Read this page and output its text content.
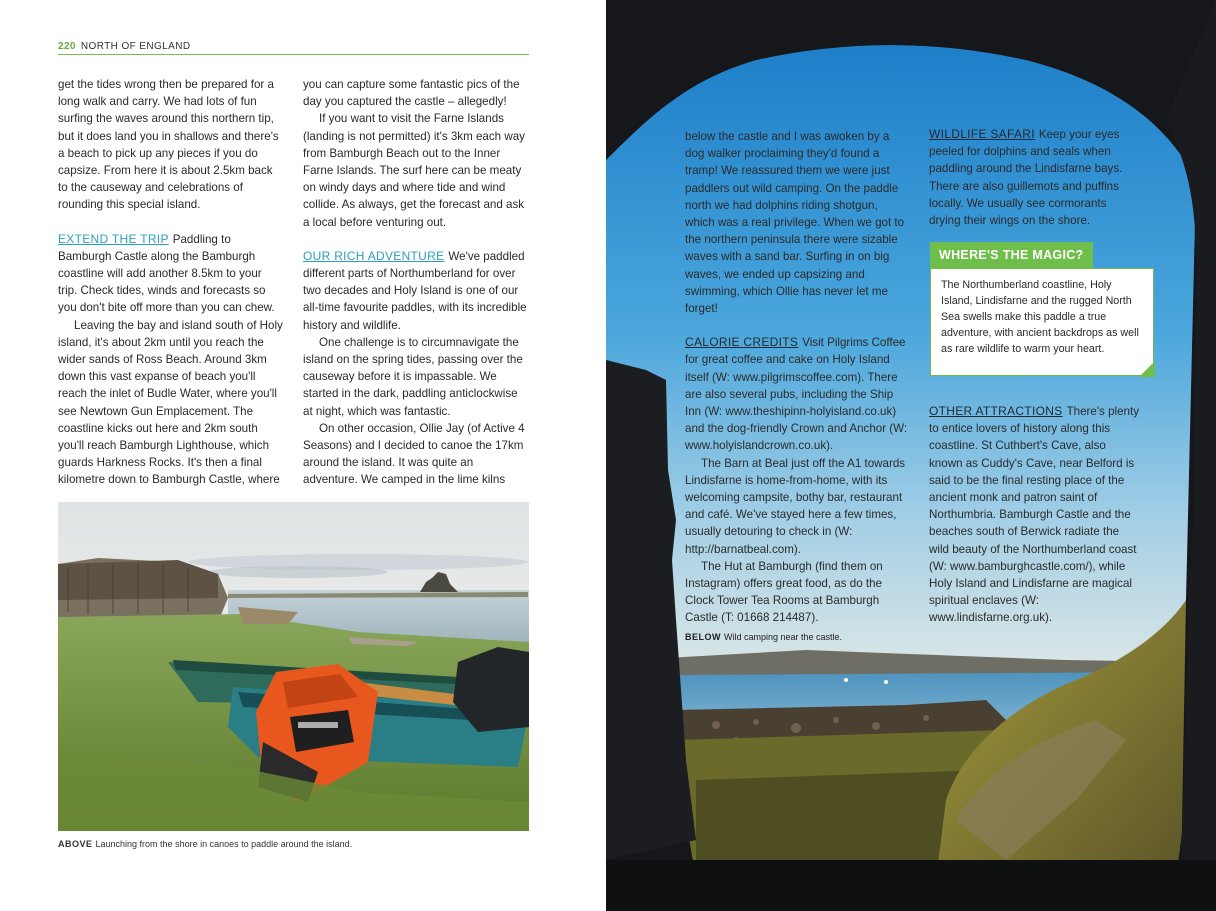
220 NORTH OF ENGLAND

get the tides wrong then be prepared for a long walk and carry. We had lots of fun surfing the waves around this northern tip, but it does land you in shallows and there's a beach to pick up any pieces if you do capsize. From here it is about 2.5km back to the causeway and celebrations of rounding this special island.

EXTEND THE TRIP Paddling to Bamburgh Castle along the Bamburgh coastline will add another 8.5km to your trip. Check tides, winds and forecasts so you don't bite off more than you can chew.

Leaving the bay and island south of Holy island, it's about 2km until you reach the wider sands of Ross Beach. Around 3km down this vast expanse of beach you'll reach the inlet of Budle Water, where you'll see Newtown Gun Emplacement. The coastline kicks out here and 2km south you'll reach Bamburgh Lighthouse, which guards Harkness Rocks. It's then a final kilometre down to Bamburgh Castle, where

you can capture some fantastic pics of the day you captured the castle – allegedly!

If you want to visit the Farne Islands (landing is not permitted) it's 3km each way from Bamburgh Beach out to the Inner Farne Islands. The surf here can be meaty on windy days and where tide and wind collide. As always, get the forecast and ask a local before venturing out.

OUR RICH ADVENTURE We've paddled different parts of Northumberland for over two decades and Holy Island is one of our all-time favourite paddles, with its incredible history and wildlife.

One challenge is to circumnavigate the island on the spring tides, passing over the causeway before it is impassable. We started in the dark, paddling anticlockwise at night, which was fantastic.

On other occasion, Ollie Jay (of Active 4 Seasons) and I decided to canoe the 17km around the island. It was quite an adventure. We camped in the lime kilns

ABOVE Launching from the shore in canoes to paddle around the island.

below the castle and I was awoken by a dog walker proclaiming they'd found a tramp! We reassured them we were just paddlers out wild camping. On the paddle north we had dolphins riding shotgun, which was a real privilege. When we got to the northern peninsula there were sizable waves with a sand bar. Surfing in on big waves, we ended up capsizing and swimming, which Ollie has never let me forget!

CALORIE CREDITS Visit Pilgrims Coffee for great coffee and cake on Holy Island itself (W: www.pilgrimscoffee.com). There are also several pubs, including the Ship Inn (W: www.theshipinn-holyisland.co.uk) and the dog-friendly Crown and Anchor (W: www.holyislandcrown.co.uk).

The Barn at Beal just off the A1 towards Lindisfarne is home-from-home, with its welcoming campsite, bothy bar, restaurant and café. We've stayed here a few times, usually detouring to check in (W: http://barnatbeal.com).

The Hut at Bamburgh (find them on Instagram) offers great food, as do the Clock Tower Tea Rooms at Bamburgh Castle (T: 01668 214487).

BELOW Wild camping near the castle.

WILDLIFE SAFARI Keep your eyes peeled for dolphins and seals when paddling around the Lindisfarne bays. There are also guillemots and puffins locally. We usually see cormorants drying their wings on the shore.

WHERE'S THE MAGIC?
The Northumberland coastline, Holy Island, Lindisfarne and the rugged North Sea swells make this paddle a true adventure, with ancient backdrops as well as rare wildlife to warm your heart.

OTHER ATTRACTIONS There's plenty to entice lovers of history along this coastline. St Cuthbert's Cave, also known as Cuddy's Cave, near Belford is said to be the final resting place of the ancient monk and patron saint of Northumbria. Bamburgh Castle and the beaches south of Berwick radiate the wild beauty of the Northumberland coast (W: www.bamburghcastle.com/), while Holy Island and Lindisfarne are magical spiritual enclaves (W: www.lindisfarne.org.uk).
